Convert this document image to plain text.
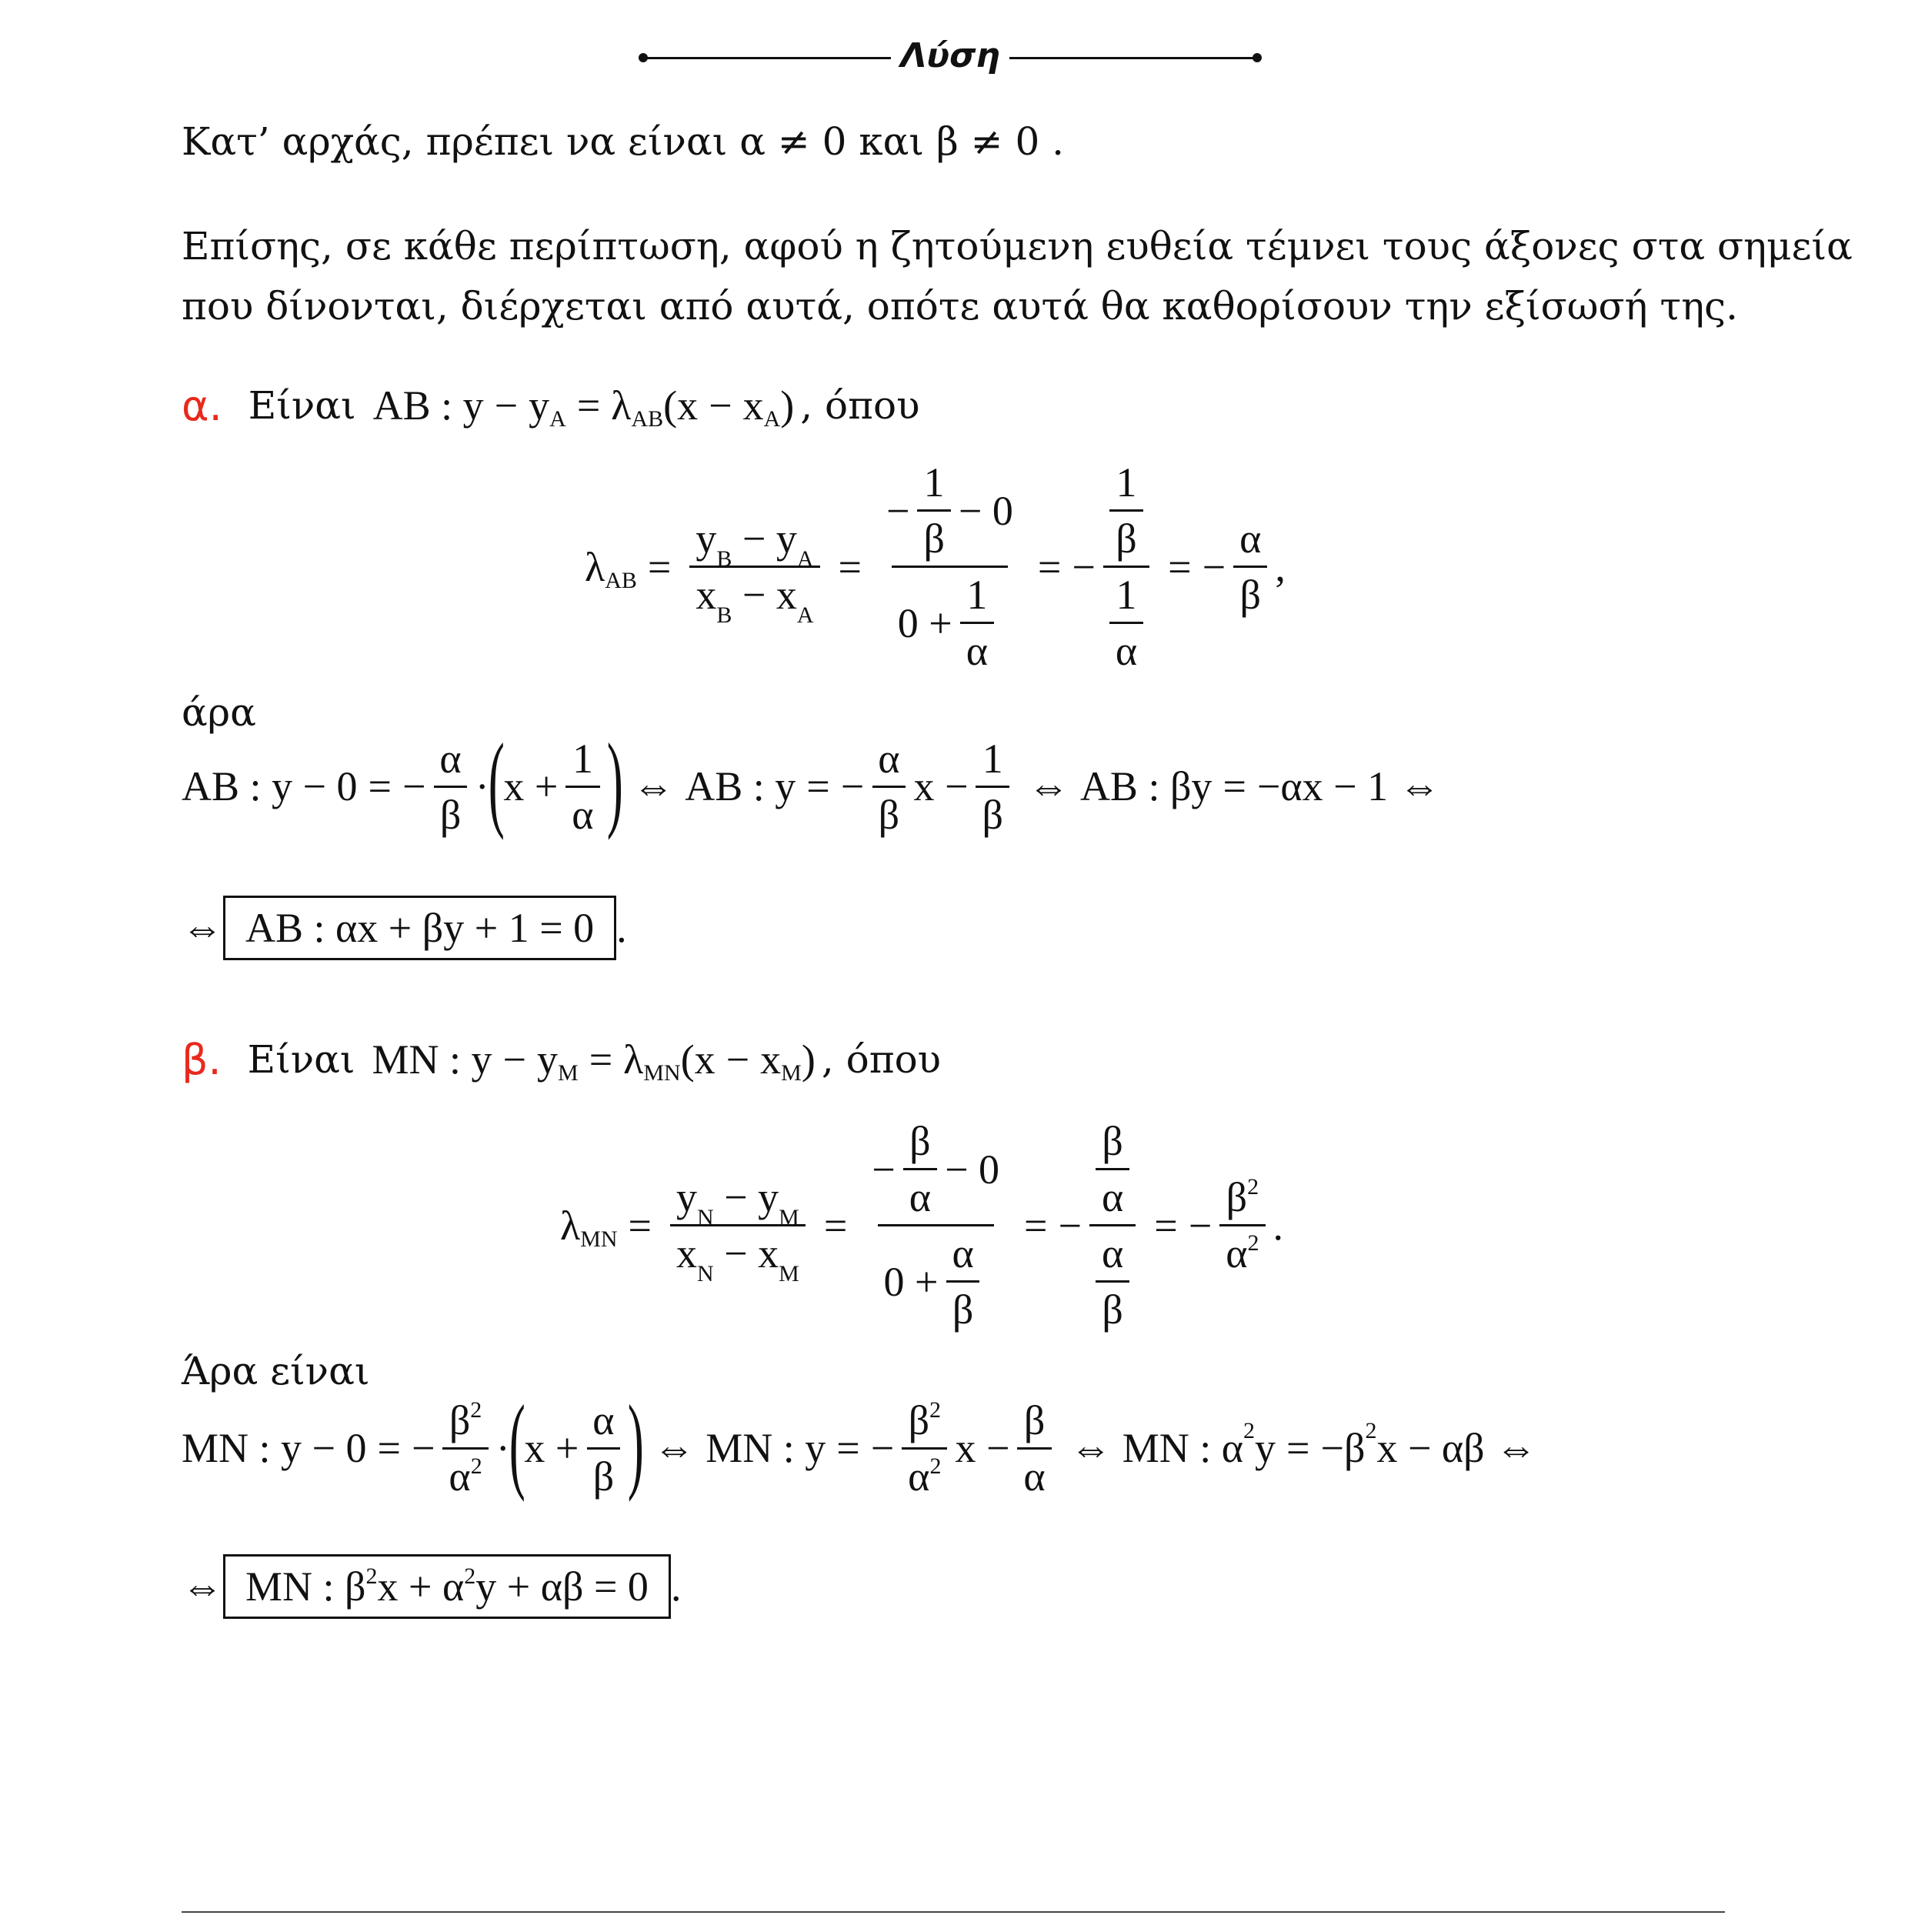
Λύση
Κατ’ αρχάς, πρέπει να είναι α ≠ 0 και β ≠ 0 .
Επίσης, σε κάθε περίπτωση, αφού η ζητούμενη ευθεία τέμνει τους άξονες στα σημεία
που δίνονται, διέρχεται από αυτά, οπότε αυτά θα καθορίσουν την εξίσωσή της.
α. Είναι AB : y − y A = λ AB (x − x A ) , όπου
λ AB = $\frac{y_B - y_A}{x_B - x_A} = \frac{- \frac{1}{\beta} - 0}{0 + \frac{1}{\alpha}}$ = − $\frac{\frac{1}{\beta}}{\frac{1}{\alpha}}$ = − $\frac{\alpha}{\beta}$ ,
άρα
AB : y − 0 = − $\frac{\alpha}{\beta}$ ·
(
$x + \frac{1}{\alpha}$ ) ⇔ AB : y = − $\frac{\alpha}{\beta}$ $x - \frac{1}{\beta}$ ⇔ AB : βy = −αx − 1 ⇔
⇔ AB : αx + βy + 1 = 0 .
β. Είναι MN : y − y M = λ MN (x − x M ) , όπου
λ MN = $\frac{y_N - y_M}{x_N - x_M} = \frac{- \frac{\beta}{\alpha} - 0}{0 + \frac{\alpha}{\beta}}$ = − $\frac{\frac{\beta}{\alpha}}{\frac{\alpha}{\beta}}$ = − $\frac{\beta^2}{\alpha^2}$ .
Άρα είναι
MN : y − 0 = − $\frac{\beta^2}{\alpha^2}$ ·
(
$x + \frac{\alpha}{\beta}$ ) ⇔ MN : y = − $\frac{\beta^2}{\alpha^2}$ $x - \frac{\beta}{\alpha}$ ⇔ MN : α 2 y = −β 2 x − αβ ⇔
⇔ MN : $\beta^2x + \alpha^2y + \alpha\beta = 0$ .
